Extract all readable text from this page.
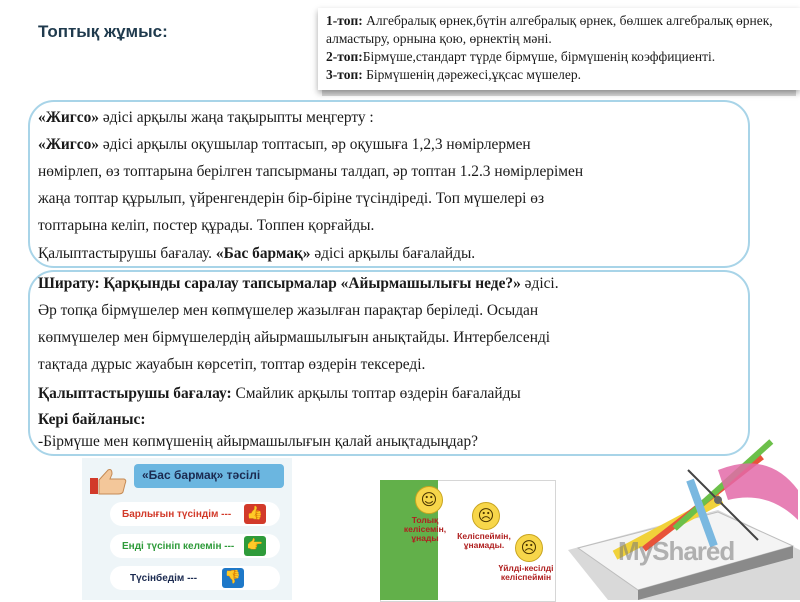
Топтық жұмыс:
1-топ: Алгебралық өрнек,бүтін алгебралық өрнек, бөлшек алгебралық өрнек,
алмастыру, орнына қою, өрнектің мәні.
2-топ:Бірмүше,стандарт түрде бірмүше, бірмүшенің коэффициенті.
3-топ: Бірмүшенің дәрежесі,ұқсас мүшелер.
«Жигсо» әдісі арқылы жаңа тақырыпты меңгерту :
«Жигсо» әдісі арқылы оқушылар топтасып, әр оқушыға 1,2,3 нөмірлермен
нөмірлеп, өз топтарына берілген тапсырманы талдап, әр топтан 1.2.3 нөмірлерімен
жаңа топтар құрылып, үйренгендерін бір-біріне түсіндіреді. Топ мүшелері өз
топтарына келіп, постер құрады. Топпен қорғайды.
Қалыптастырушы бағалау. «Бас бармақ» әдісі арқылы бағалайды.
Ширату: Қарқынды саралау тапсырмалар «Айырмашылығы неде?» әдісі.
Әр топқа бірмүшелер мен көпмүшелер жазылған парақтар беріледі. Осыдан
көпмүшелер мен бірмүшелердің айырмашылығын анықтайды. Интербелсенді
тақтада дұрыс жауабын көрсетіп, топтар өздерін тексереді.
Қалыптастырушы бағалау: Смайлик арқылы топтар өздерін бағалайды
Кері байланыс:
-Бірмүше мен көпмүшенің айырмашылығын қалай анықтадыңдар?
«Бас бармақ» тәсілі
Барлығын түсіндім --- 👍
Енді түсініп келемін --- 👉
Түсінбедім --- 👎
☺
Толық келісемін, ұнады
☹
Келіспеймін, ұнамады.	☹
Үйлді-кесілді келіспеймін
MyShared
